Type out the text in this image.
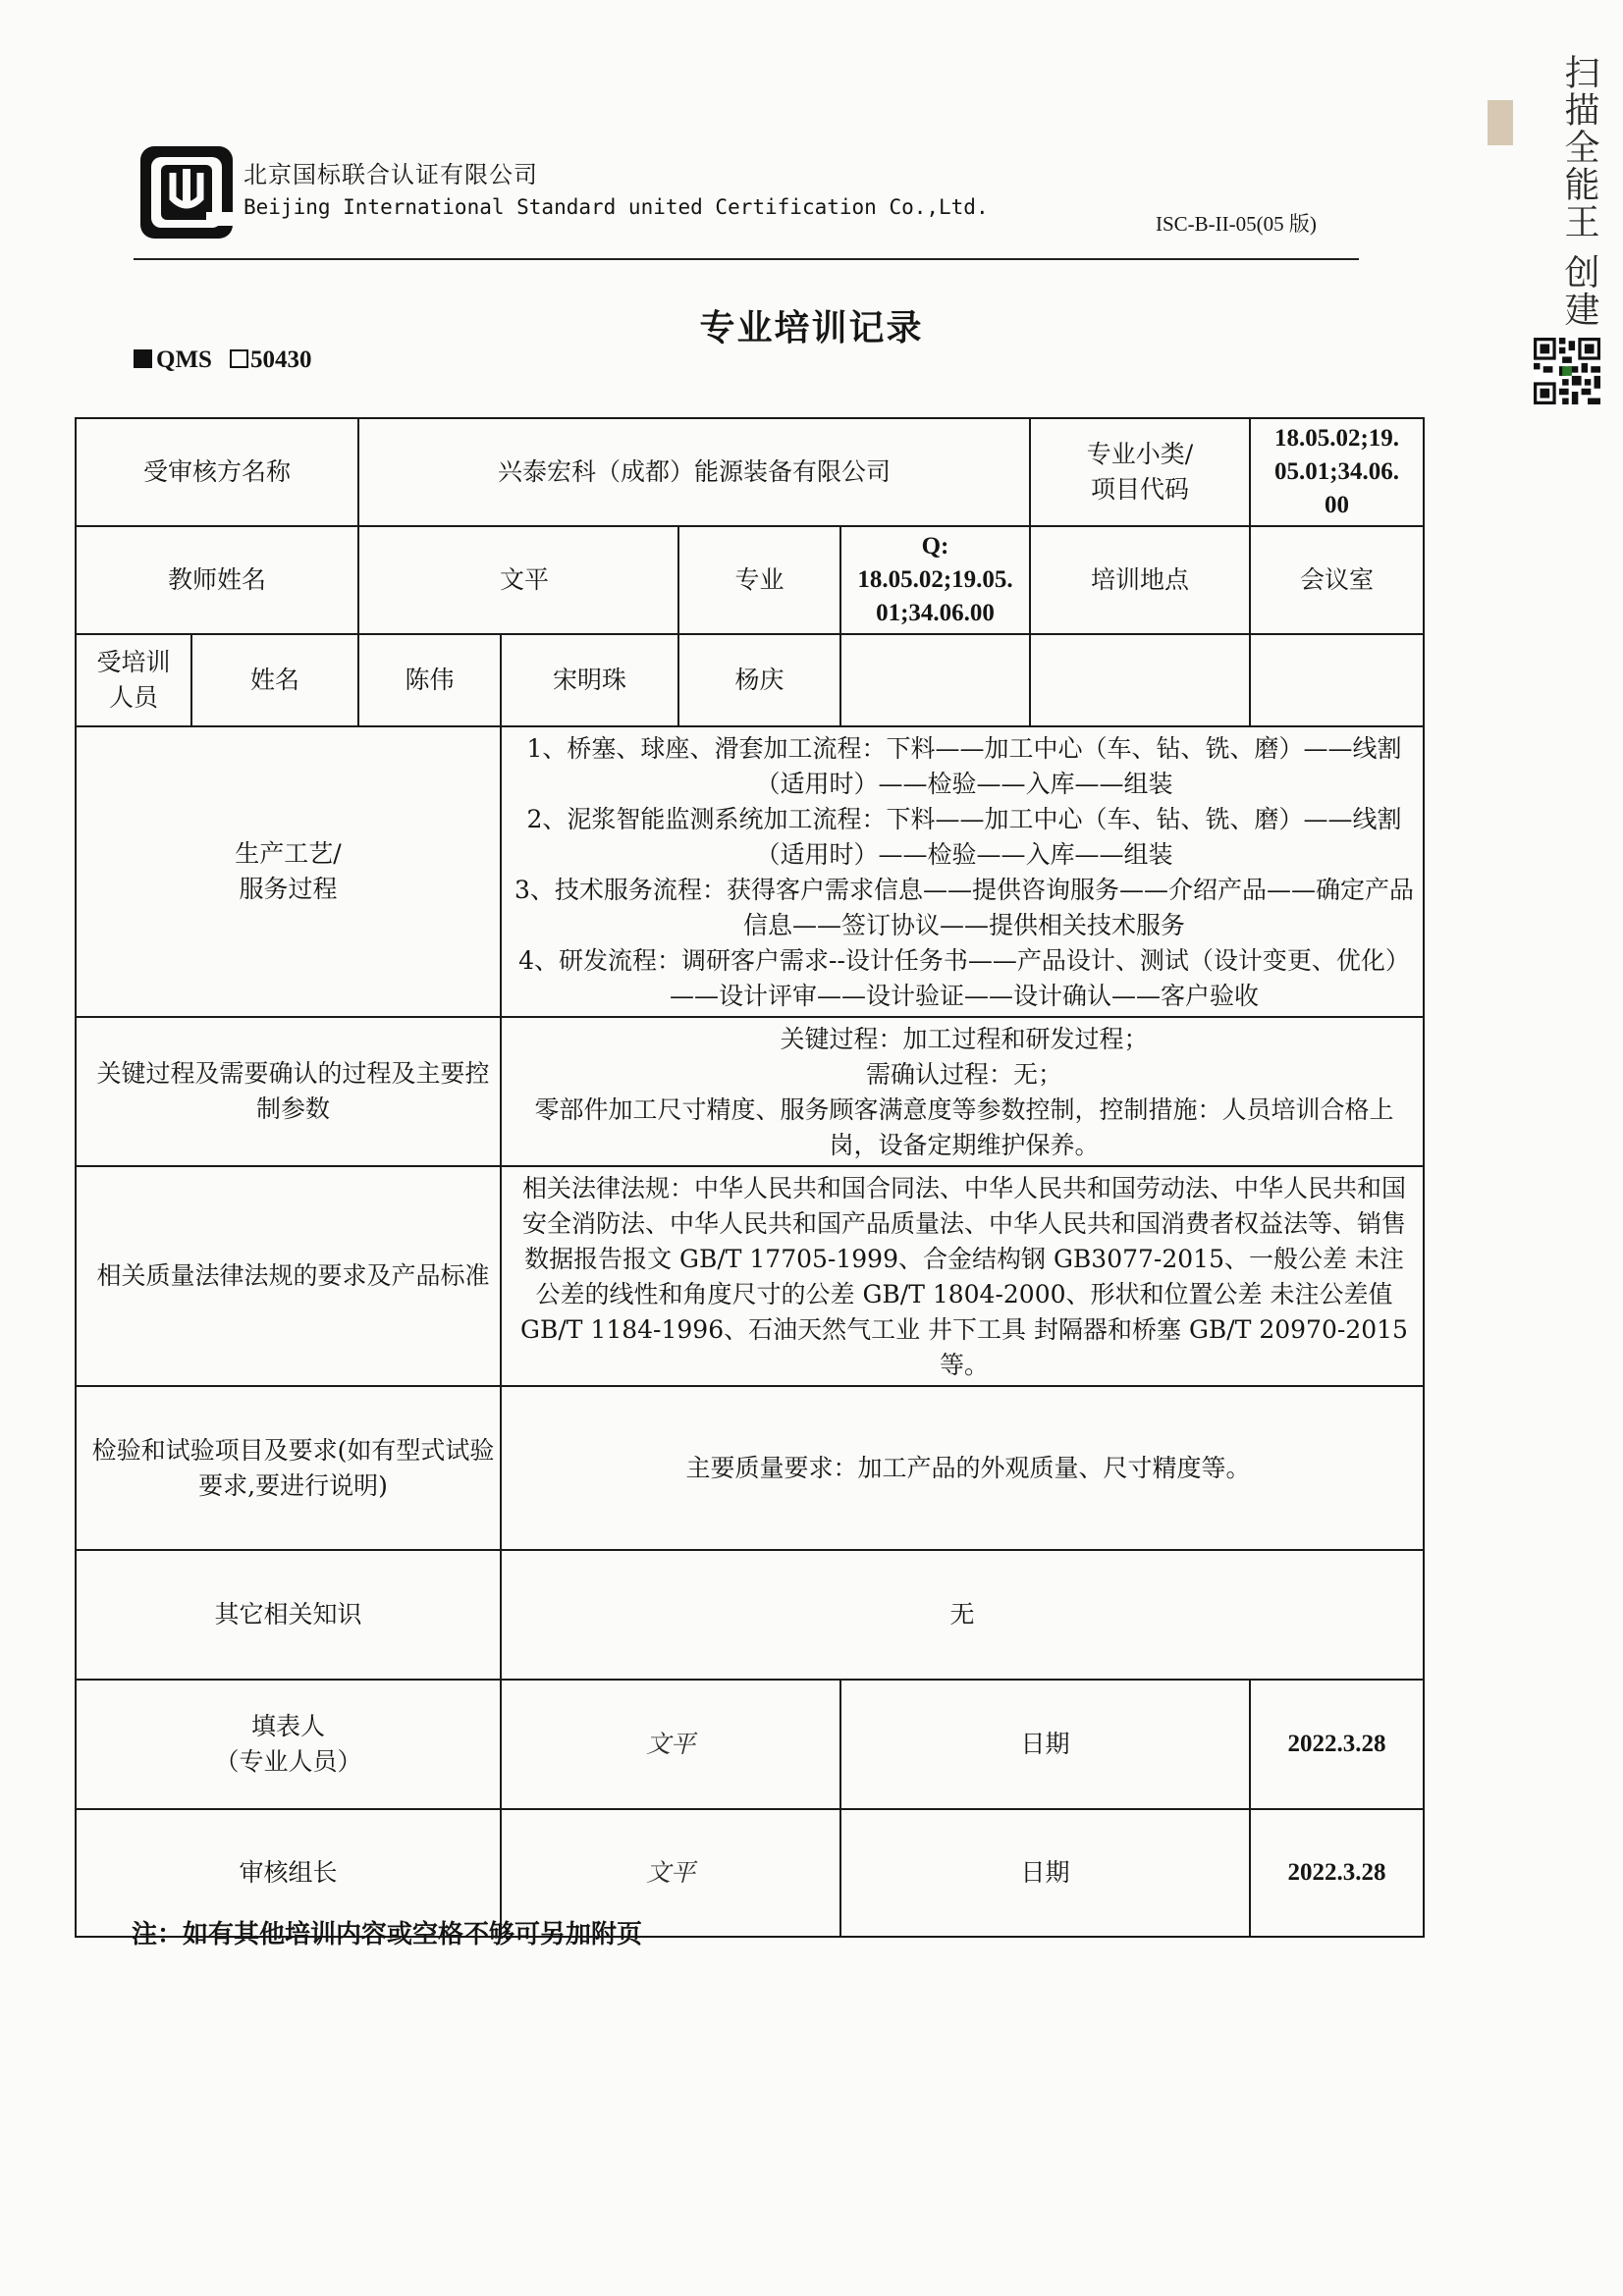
北京国标联合认证有限公司
Beijing International Standard united Certification Co.,Ltd.
ISC-B-II-05(05 版)	扫描全能王 创建
专业培训记录
QMS 50430
受审核方名称		兴泰宏科（成都）能源装备有限公司				专业小类/
项目代码	18.05.02;19.
05.01;34.06.
00

教师姓名		文平		专业	Q:
18.05.02;19.05.
01;34.06.00	培训地点	会议室

受培训
人员	姓名	陈伟	宋明珠	杨庆			

生产工艺/
服务过程			1、桥塞、球座、滑套加工流程：下料——加工中心（车、钻、铣、磨）——线割（适用时）——检验——入库——组装
2、泥浆智能监测系统加工流程：下料——加工中心（车、钻、铣、磨）——线割（适用时）——检验——入库——组装
3、技术服务流程：获得客户需求信息——提供咨询服务——介绍产品——确定产品信息——签订协议——提供相关技术服务
4、研发流程：调研客户需求--设计任务书——产品设计、测试（设计变更、优化）——设计评审——设计验证——设计确认——客户验收				

关键过程及需要确认的过程及主要控制参数			关键过程：加工过程和研发过程；
需确认过程：无；
零部件加工尺寸精度、服务顾客满意度等参数控制，控制措施：人员培训合格上岗，设备定期维护保养。				

相关质量法律法规的要求及产品标准			相关法律法规：中华人民共和国合同法、中华人民共和国劳动法、中华人民共和国安全消防法、中华人民共和国产品质量法、中华人民共和国消费者权益法等、销售数据报告报文 GB/T 17705-1999、合金结构钢 GB3077-2015、一般公差 未注公差的线性和角度尺寸的公差 GB/T 1804-2000、形状和位置公差 未注公差值 GB/T 1184-1996、石油天然气工业 井下工具 封隔器和桥塞 GB/T 20970-2015 等。				
检验和试验项目及要求(如有型式试验要求,要进行说明)			主要质量要求：加工产品的外观质量、尺寸精度等。				
其它相关知识			无				

填表人
（专业人员）			文平		日期		2022.3.28
审核组长			文平		日期		2022.3.28
注：如有其他培训内容或空格不够可另加附页
